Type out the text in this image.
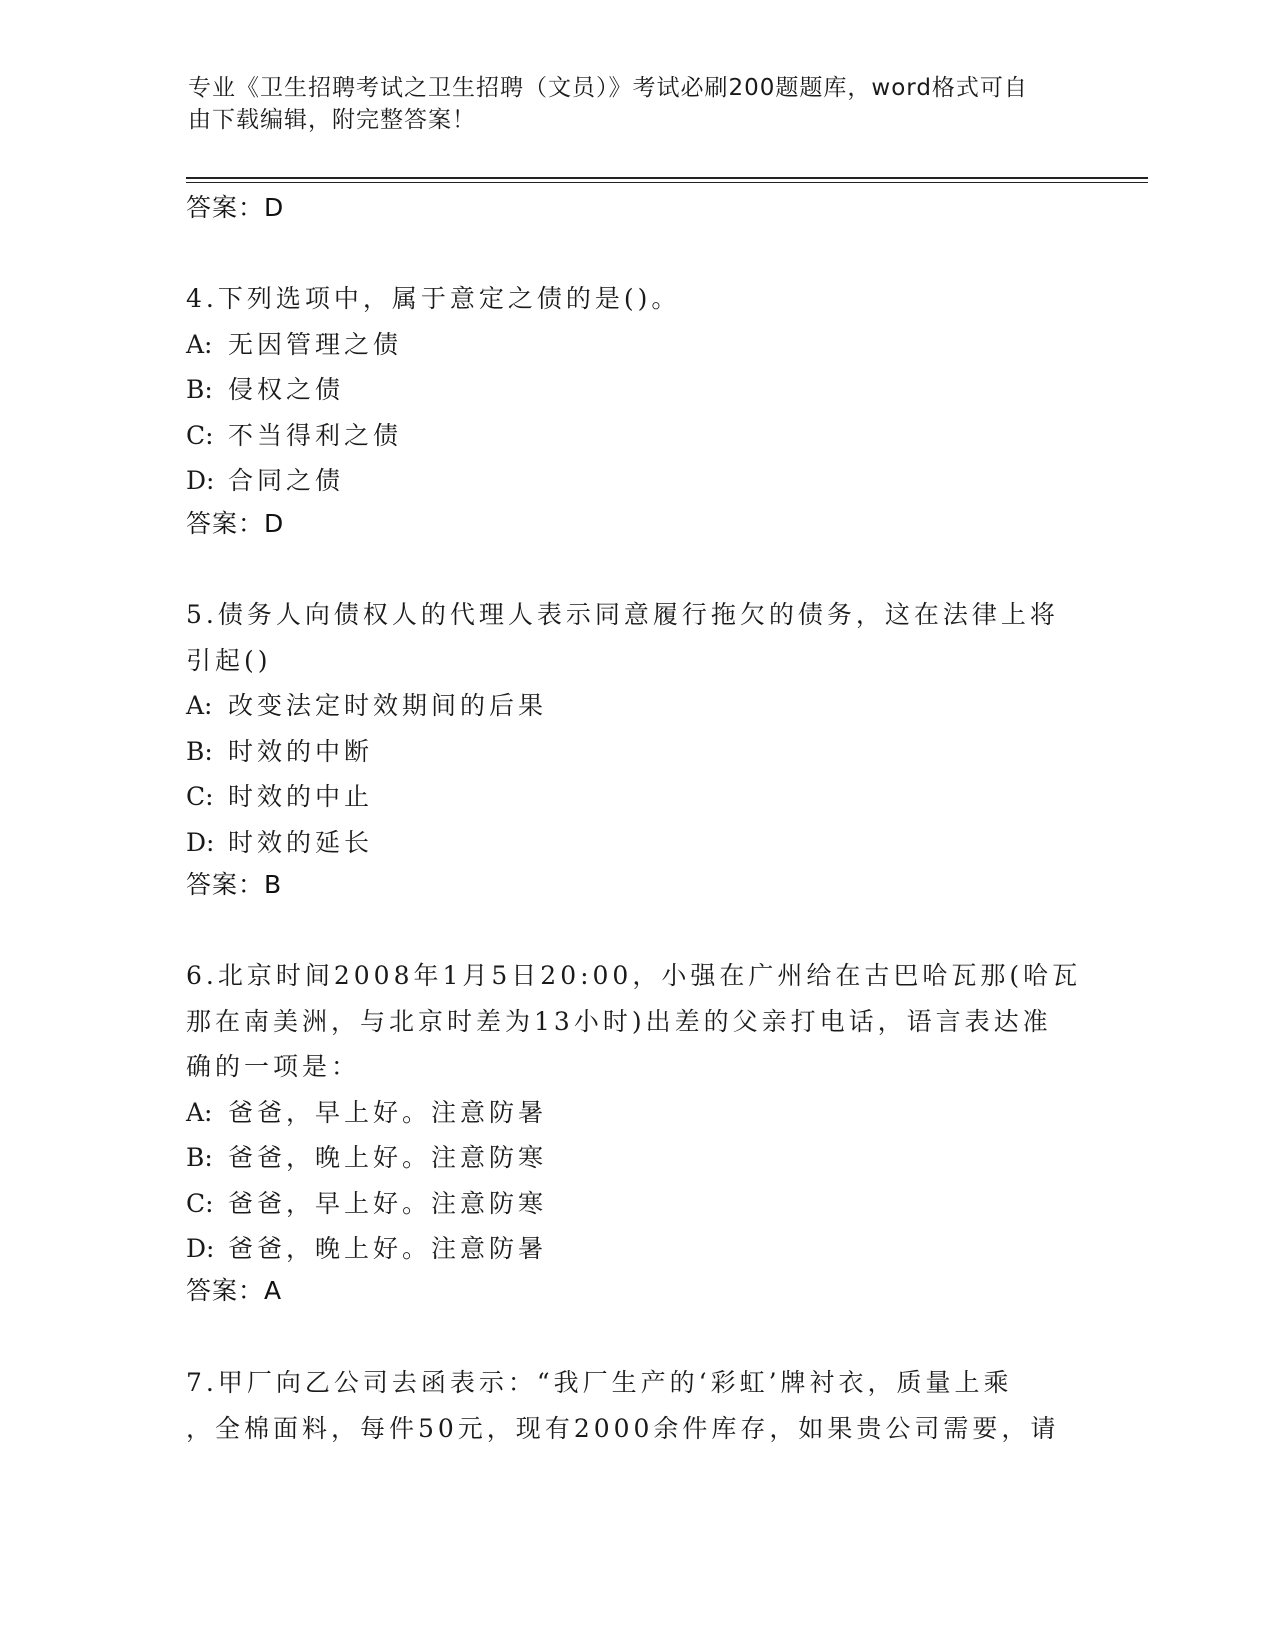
专业《卫生招聘考试之卫生招聘（文员）》考试必刷200题题库，word格式可自
由下载编辑，附完整答案！
答案：D
4.下列选项中，属于意定之债的是()。
A: 无因管理之债
B: 侵权之债
C: 不当得利之债
D: 合同之债
答案：D
5.债务人向债权人的代理人表示同意履行拖欠的债务，这在法律上将
引起()
A: 改变法定时效期间的后果
B: 时效的中断
C: 时效的中止
D: 时效的延长
答案：B
6.北京时间2008年1月5日20:00，小强在广州给在古巴哈瓦那(哈瓦
那在南美洲，与北京时差为13小时)出差的父亲打电话，语言表达准
确的一项是：
A: 爸爸，早上好。注意防暑
B: 爸爸，晚上好。注意防寒
C: 爸爸，早上好。注意防寒
D: 爸爸，晚上好。注意防暑
答案：A
7.甲厂向乙公司去函表示：“我厂生产的‘彩虹’牌衬衣，质量上乘
，全棉面料，每件50元，现有2000余件库存，如果贵公司需要，请
